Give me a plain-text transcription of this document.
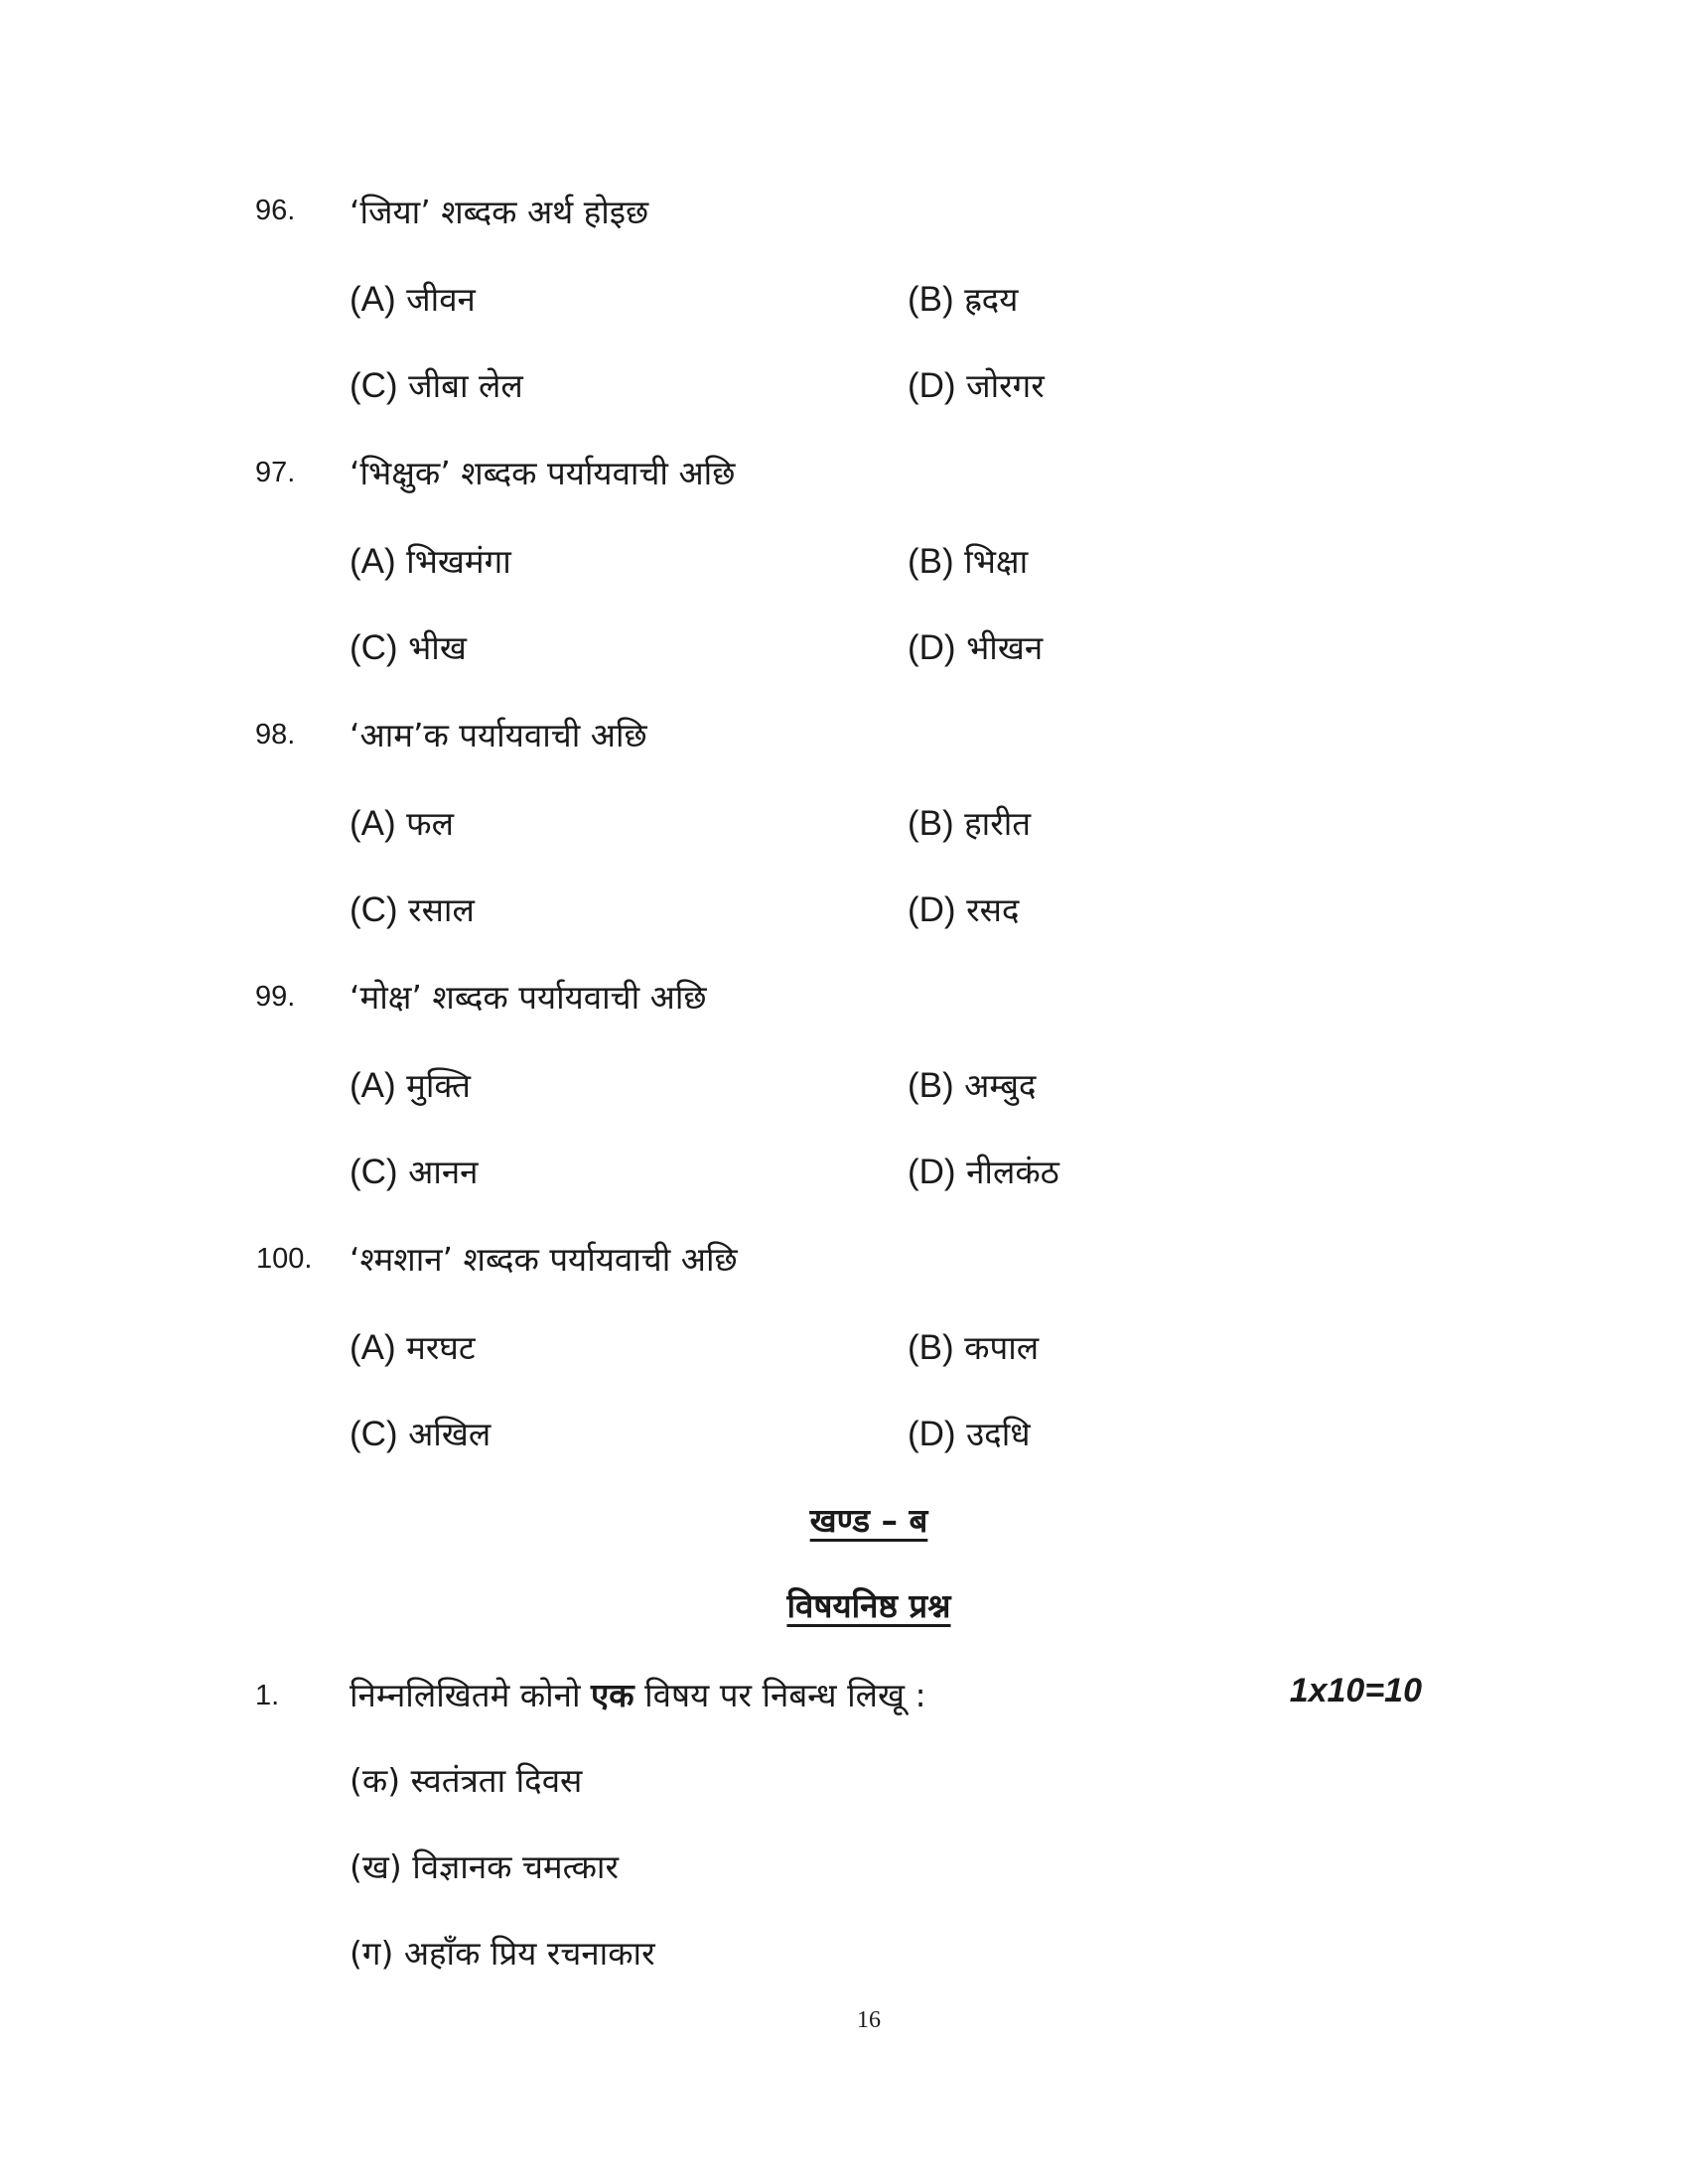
96. ‘जिया’ शब्दक अर्थ होइछ
(A) जीवन	(B) ह्रदय
(C) जीबा लेल	(D) जोरगर
97. ‘भिक्षुक’ शब्दक पर्यायवाची अछि
(A) भिखमंगा	(B) भिक्षा
(C) भीख	(D) भीखन
98. ‘आम’क पर्यायवाची अछि
(A) फल	(B) हारीत
(C) रसाल	(D) रसद
99. ‘मोक्ष’ शब्दक पर्यायवाची अछि
(A) मुक्ति	(B) अम्बुद
(C) आनन	(D) नीलकंठ
100. ‘श्मशान’ शब्दक पर्यायवाची अछि
(A) मरघट	(B) कपाल
(C) अखिल	(D) उदधि
खण्ड – ब
विषयनिष्ठ प्रश्न
1. निम्नलिखितमे कोनो एक विषय पर निबन्ध लिखू :	1x10=10
(क) स्वतंत्रता दिवस
(ख) विज्ञानक चमत्कार
(ग) अहाँक प्रिय रचनाकार
16
